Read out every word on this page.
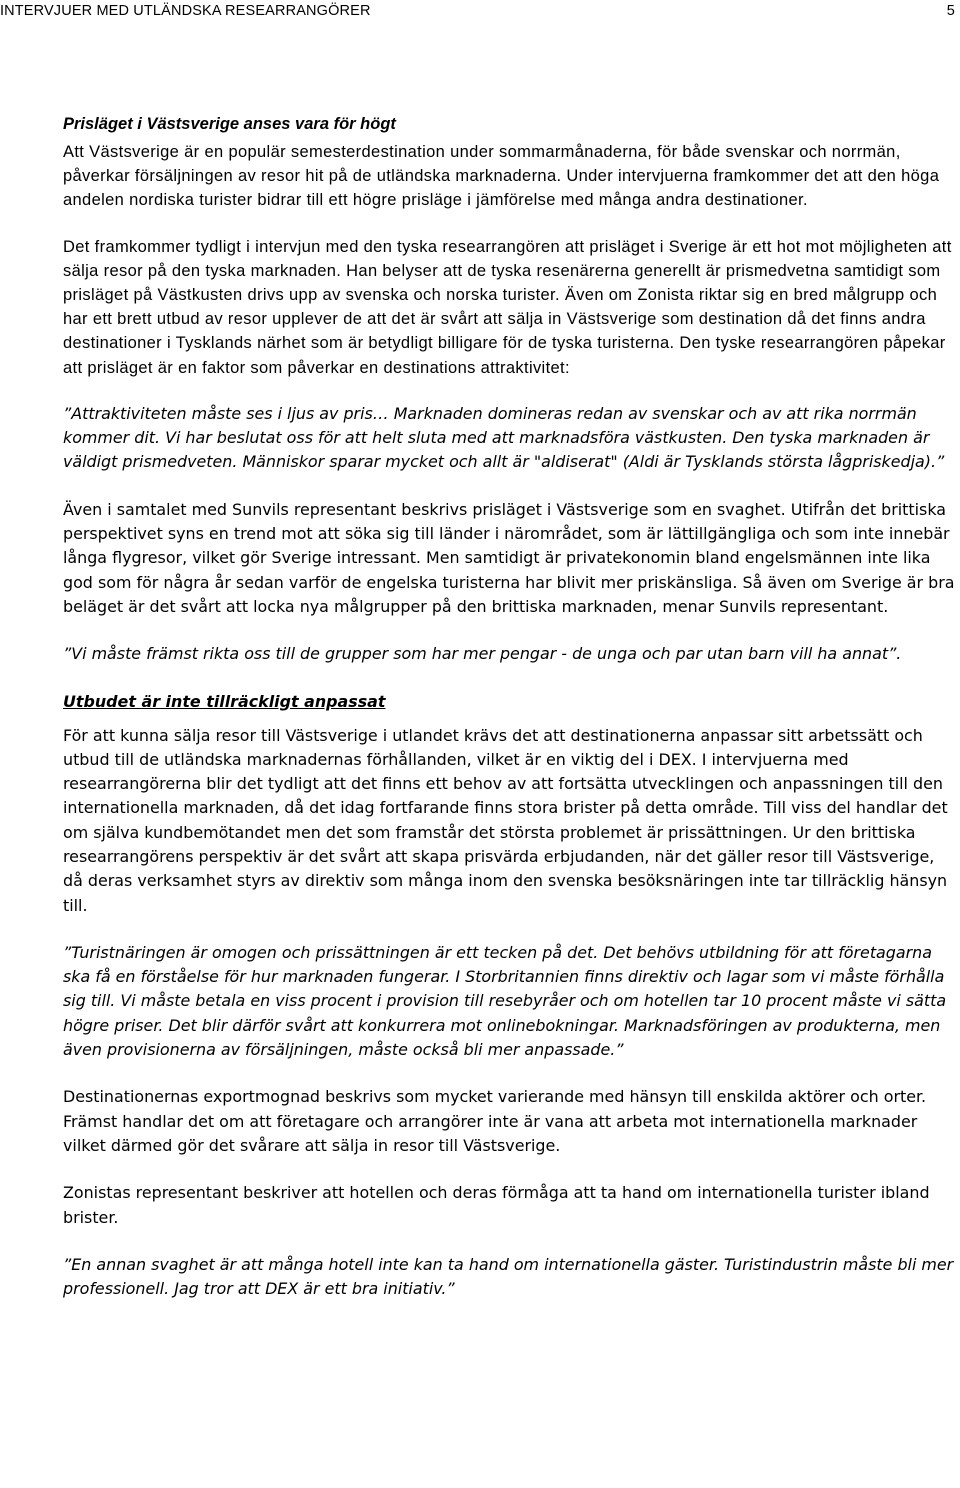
INTERVJUER MED UTLÄNDSKA RESEARRANGÖRER	5
Prisläget i Västsverige anses vara för högt

Att Västsverige är en populär semesterdestination under sommarmånaderna, för både svenskar och norrmän, påverkar försäljningen av resor hit på de utländska marknaderna. Under intervjuerna framkommer det att den höga andelen nordiska turister bidrar till ett högre prisläge i jämförelse med många andra destinationer.

Det framkommer tydligt i intervjun med den tyska researrangören att prisläget i Sverige är ett hot mot möjligheten att sälja resor på den tyska marknaden. Han belyser att de tyska resenärerna generellt är prismedvetna samtidigt som prisläget på Västkusten drivs upp av svenska och norska turister. Även om Zonista riktar sig en bred målgrupp och har ett brett utbud av resor upplever de att det är svårt att sälja in Västsverige som destination då det finns andra destinationer i Tysklands närhet som är betydligt billigare för de tyska turisterna. Den tyske researrangören påpekar att prisläget är en faktor som påverkar en destinations attraktivitet:

”Attraktiviteten måste ses i ljus av pris… Marknaden domineras redan av svenskar och av att rika norrmän kommer dit. Vi har beslutat oss för att helt sluta med att marknadsföra västkusten. Den tyska marknaden är väldigt prismedveten. Människor sparar mycket och allt är "aldiserat" (Aldi är Tysklands största lågpriskedja).”

Även i samtalet med Sunvils representant beskrivs prisläget i Västsverige som en svaghet. Utifrån det brittiska perspektivet syns en trend mot att söka sig till länder i närområdet, som är lättillgängliga och som inte innebär långa flygresor, vilket gör Sverige intressant. Men samtidigt är privatekonomin bland engelsmännen inte lika god som för några år sedan varför de engelska turisterna har blivit mer priskänsliga. Så även om Sverige är bra beläget är det svårt att locka nya målgrupper på den brittiska marknaden, menar Sunvils representant.

”Vi måste främst rikta oss till de grupper som har mer pengar - de unga och par utan barn vill ha annat”.

Utbudet är inte tillräckligt anpassat

För att kunna sälja resor till Västsverige i utlandet krävs det att destinationerna anpassar sitt arbetssätt och utbud till de utländska marknadernas förhållanden, vilket är en viktig del i DEX. I intervjuerna med researrangörerna blir det tydligt att det finns ett behov av att fortsätta utvecklingen och anpassningen till den internationella marknaden, då det idag fortfarande finns stora brister på detta område. Till viss del handlar det om själva kundbemötandet men det som framstår det största problemet är prissättningen. Ur den brittiska researrangörens perspektiv är det svårt att skapa prisvärda erbjudanden, när det gäller resor till Västsverige, då deras verksamhet styrs av direktiv som många inom den svenska besöksnäringen inte tar tillräcklig hänsyn till.

”Turistnäringen är omogen och prissättningen är ett tecken på det. Det behövs utbildning för att företagarna ska få en förståelse för hur marknaden fungerar. I Storbritannien finns direktiv och lagar som vi måste förhålla sig till. Vi måste betala en viss procent i provision till resebyråer och om hotellen tar 10 procent måste vi sätta högre priser. Det blir därför svårt att konkurrera mot onlinebokningar. Marknadsföringen av produkterna, men även provisionerna av försäljningen, måste också bli mer anpassade.”

Destinationernas exportmognad beskrivs som mycket varierande med hänsyn till enskilda aktörer och orter. Främst handlar det om att företagare och arrangörer inte är vana att arbeta mot internationella marknader vilket därmed gör det svårare att sälja in resor till Västsverige.

Zonistas representant beskriver att hotellen och deras förmåga att ta hand om internationella turister ibland brister.

”En annan svaghet är att många hotell inte kan ta hand om internationella gäster. Turistindustrin måste bli mer professionell. Jag tror att DEX är ett bra initiativ.”
